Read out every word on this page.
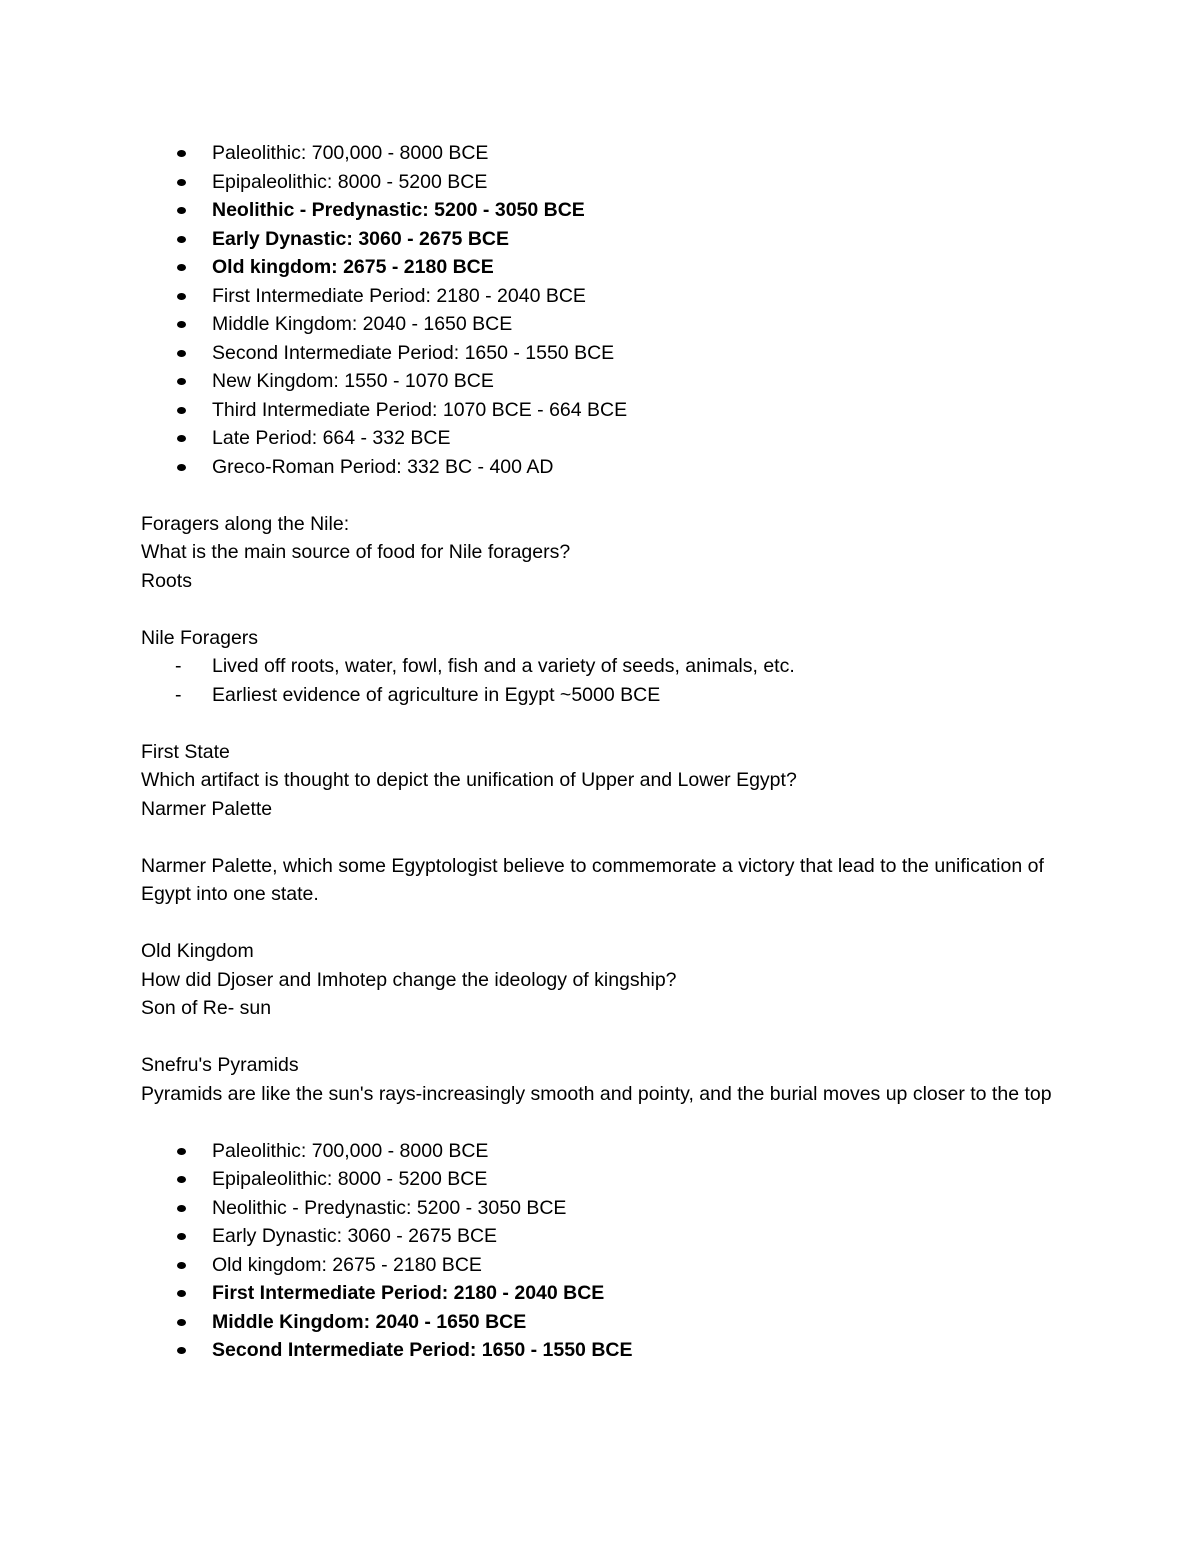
Paleolithic: 700,000 - 8000 BCE
Epipaleolithic: 8000 - 5200 BCE
Neolithic - Predynastic: 5200 - 3050 BCE
Early Dynastic: 3060 - 2675 BCE
Old kingdom: 2675 - 2180 BCE
First Intermediate Period: 2180 - 2040 BCE
Middle Kingdom: 2040 - 1650 BCE
Second Intermediate Period: 1650 - 1550 BCE
New Kingdom: 1550 - 1070 BCE
Third Intermediate Period: 1070 BCE - 664 BCE
Late Period: 664 - 332 BCE
Greco-Roman Period: 332 BC - 400 AD
Foragers along the Nile:
What is the main source of food for Nile foragers?
Roots
Nile Foragers
- Lived off roots, water, fowl, fish and a variety of seeds, animals, etc.
- Earliest evidence of agriculture in Egypt ~5000 BCE
First State
Which artifact is thought to depict the unification of Upper and Lower Egypt?
Narmer Palette
Narmer Palette, which some Egyptologist believe to commemorate a victory that lead to the unification of Egypt into one state.
Old Kingdom
How did Djoser and Imhotep change the ideology of kingship?
Son of Re- sun
Snefru's Pyramids
Pyramids are like the sun's rays-increasingly smooth and pointy, and the burial moves up closer to the top
Paleolithic: 700,000 - 8000 BCE
Epipaleolithic: 8000 - 5200 BCE
Neolithic - Predynastic: 5200 - 3050 BCE
Early Dynastic: 3060 - 2675 BCE
Old kingdom: 2675 - 2180 BCE
First Intermediate Period: 2180 - 2040 BCE
Middle Kingdom: 2040 - 1650 BCE
Second Intermediate Period: 1650 - 1550 BCE
